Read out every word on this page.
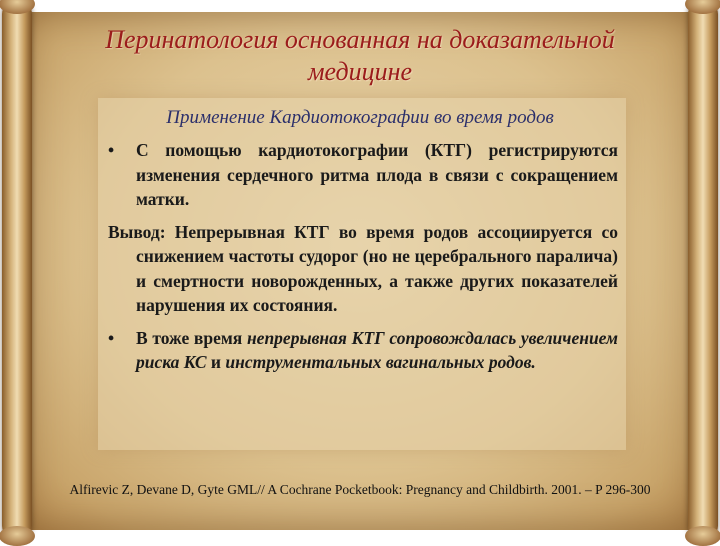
Перинатология основанная на доказательной медицине
Применение Кардиотокографии во время родов

•	С помощью кардиотокографии (КТГ) регистрируются изменения сердечного ритма плода в связи с сокращением матки.

Вывод: Непрерывная КТГ во время родов ассоциируется со снижением частоты судорог (но не церебрального паралича) и смертности новорожденных, а также других показателей нарушения их состояния.

•	В тоже время непрерывная КТГ сопровождалась увеличением риска КС и инструментальных вагинальных родов.

Alfirevic Z, Devane D, Gyte GML// A Cochrane Pocketbook: Pregnancy and Childbirth. 2001. – P 296-300
